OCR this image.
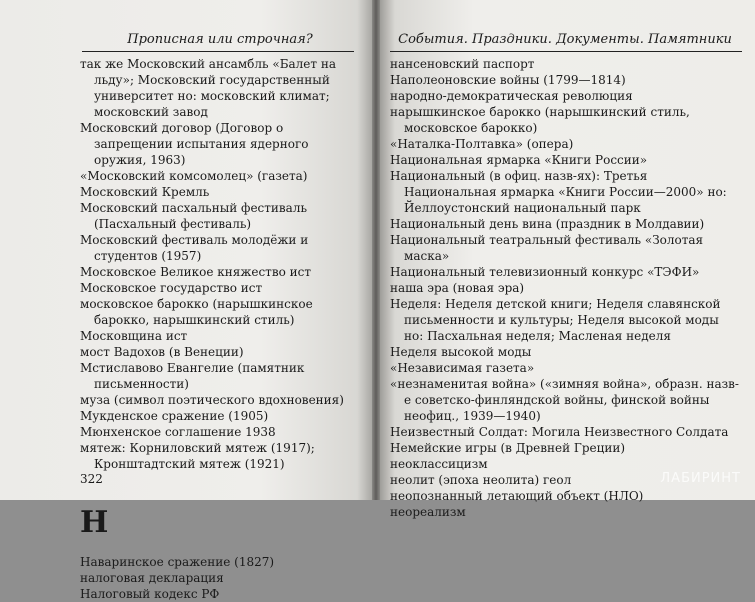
Прописная или строчная?

так же Московский ансамбль «Балет на льду»; Московский государственный университет но: московский климат; московский завод

Московский договор (Договор о запрещении испытания ядерного оружия, 1963)

«Московский комсомолец» (газета)

Московский Кремль

Московский пасхальный фестиваль (Пасхальный фестиваль)

Московский фестиваль молодёжи и студентов (1957)

Московское Великое княжество ист

Московское государство ист

московское барокко (нарышкинское барокко, нарышкинский стиль)

Московщина ист

мост Вадохов (в Венеции)

Мстиславово Евангелие (памятник письменности)

муза (символ поэтического вдохновения)

Мукденское сражение (1905)

Мюнхенское соглашение 1938

мятеж: Корниловский мятеж (1917); Кронштадтский мятеж (1921)

Н

Наваринское сражение (1827)

налоговая декларация

Налоговый кодекс РФ

322
События. Праздники. Документы. Памятники

нансеновский паспорт

Наполеоновские войны (1799—1814)

народно-демократическая революция

нарышкинское барокко (нарышкинский стиль, московское барокко)

«Наталка-Полтавка» (опера)

Национальная ярмарка «Книги России»

Национальный (в офиц. назв-ях): Третья Национальная ярмарка «Книги России—2000» но: Йеллоустонский национальный парк

Национальный день вина (праздник в Молдавии)

Национальный театральный фестиваль «Золотая маска»

Национальный телевизионный конкурс «ТЭФИ»

наша эра (новая эра)

Неделя: Неделя детской книги; Неделя славянской письменности и культуры; Неделя высокой моды но: Пасхальная неделя; Масленая неделя

Неделя высокой моды

«Независимая газета»

«незнаменитая война» («зимняя война», образн. назв-е советско-финляндской войны, финской войны неофиц., 1939—1940)

Неизвестный Солдат: Могила Неизвестного Солдата

Немейские игры (в Древней Греции)

неоклассицизм

неолит (эпоха неолита) геол

неопознанный летающий объект (НЛО)

неореализм

ЛАБИРИНТ
